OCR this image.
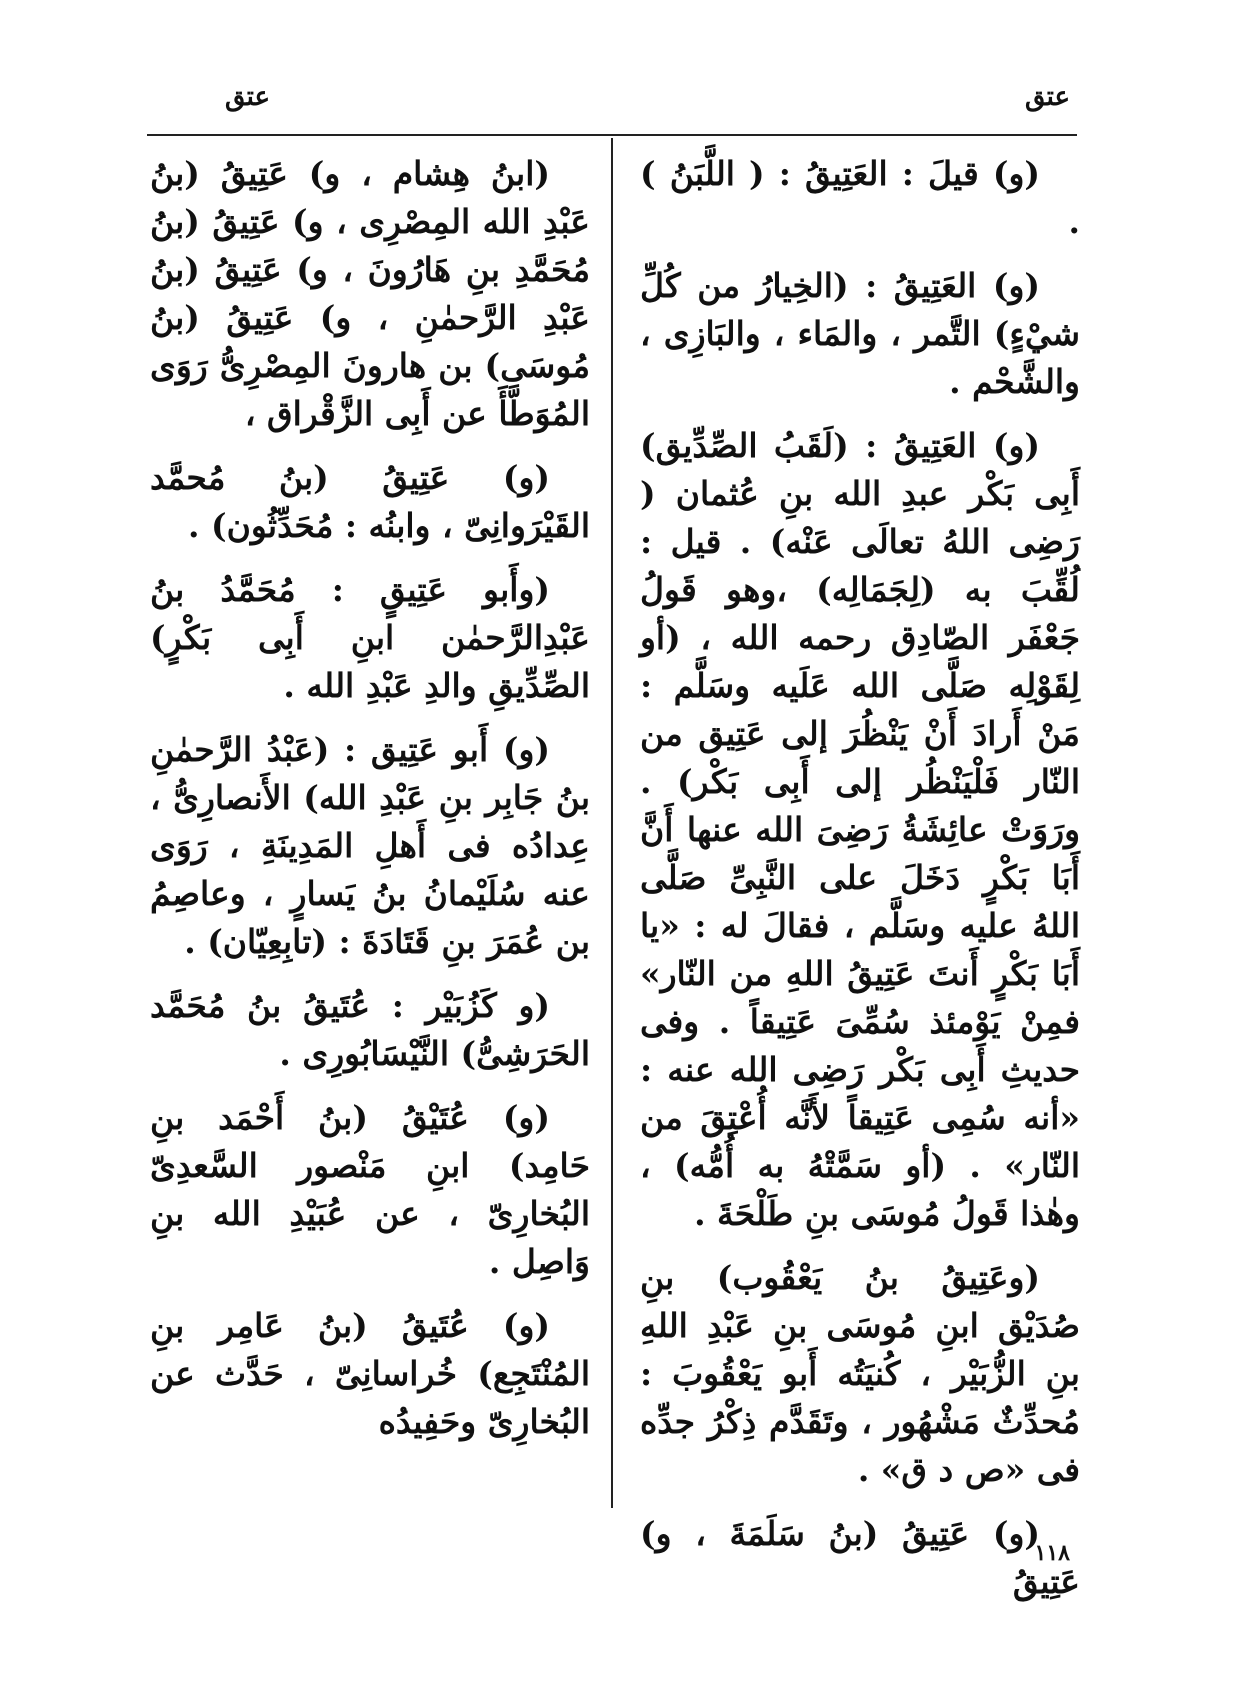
عتق
عتق

(و) قيلَ : العَتِيقُ : ( اللَّبَنُ ) .

(و) العَتِيقُ : (الخِيارُ من كُلِّ شيْءٍ) التَّمر ، والمَاء ، والبَازِى ، والشَّحْم .

(و) العَتِيقُ : (لَقَبُ الصِّدِّيق) أَبِى بَكْر عبدِ الله بنِ عُثمان ( رَضِى اللهُ تعالَى عَنْه) . قيل : لُقِّبَ به (لِجَمَالِه) ،وهو قَولُ جَعْفَر الصّادِق رحمه الله ، (أو لِقَوْلِه صَلَّى الله عَلَيه وسَلَّم : مَنْ أَرادَ أَنْ يَنْظُرَ إلى عَتِيق من النّار فَلْيَنْظُر إلى أَبِى بَكْر) . ورَوَتْ عائِشَةُ رَضِىَ الله عنها أَنَّ أَبَا بَكْرٍ دَخَلَ على النَّبِىِّ صَلَّى اللهُ عليه وسَلَّم ، فقالَ له : «يا أَبَا بَكْرٍ أَنتَ عَتِيقُ اللهِ من النّار» فمِنْ يَوْمئذ سُمِّىَ عَتِيقاً . وفى حديثِ أَبِى بَكْر رَضِى الله عنه : «أنه سُمِى عَتِيقاً لأَنَّه أُعْتِقَ من النّار» . (أو سَمَّتْهُ به أُمُّه) ، وهٰذا قَولُ مُوسَى بنِ طَلْحَةَ .

(وعَتِيقُ بنُ يَعْقُوب) بنِ صُدَيْق ابنِ مُوسَى بنِ عَبْدِ اللهِ بنِ الزُّبَيْر ، كُنيَتُه أَبو يَعْقُوبَ : مُحدِّثٌ مَشْهُور ، وتَقَدَّم ذِكْرُ جدِّه فى «ص د ق» .

(و) عَتِيقُ (بنُ سَلَمَةَ ، و) عَتِيقُ

(ابنُ هِشام ، و) عَتِيقُ (بنُ عَبْدِ الله المِصْرِى ، و) عَتِيقُ (بنُ مُحَمَّدِ بنِ هَارُونَ ، و) عَتِيقُ (بنُ عَبْدِ الرَّحمٰنِ ، و) عَتِيقُ (بنُ مُوسَى) بن هارونَ المِصْرِىُّ رَوَى المُوَطَّأَ عن أَبِى الزَّقْراق ،

(و) عَتِيقُ (بنُ مُحمَّد القَيْرَوانِىّ ، وابنُه : مُحَدِّثُون) .

(وأَبو عَتِيقٍ : مُحَمَّدُ بنُ عَبْدِالرَّحمٰن ابنِ أَبِى بَكْرٍ) الصِّدِّيقِ والدِ عَبْدِ الله .

(و) أَبو عَتِيق : (عَبْدُ الرَّحمٰنِ بنُ جَابِر بنِ عَبْدِ الله) الأَنصارِىُّ ، عِدادُه فى أَهلِ المَدِينَةِ ، رَوَى عنه سُلَيْمانُ بنُ يَسارٍ ، وعاصِمُ بن عُمَرَ بنِ قَتَادَةَ : (تابِعِيّان) .

(و كَزُبَيْر : عُتَيقُ بنُ مُحَمَّد الحَرَشِىُّ) النَّيْسَابُورِى .

(و) عُتَيْقُ (بنُ أَحْمَد بنِ حَامِد) ابنِ مَنْصور السَّعدِىّ البُخارِىّ ، عن عُبَيْدِ الله بنِ وَاصِل .

(و) عُتَيقُ (بنُ عَامِر بنِ المُنْتَجِع) خُراسانِىّ ، حَدَّث عن البُخارِىّ وحَفِيدُه

١١٨
